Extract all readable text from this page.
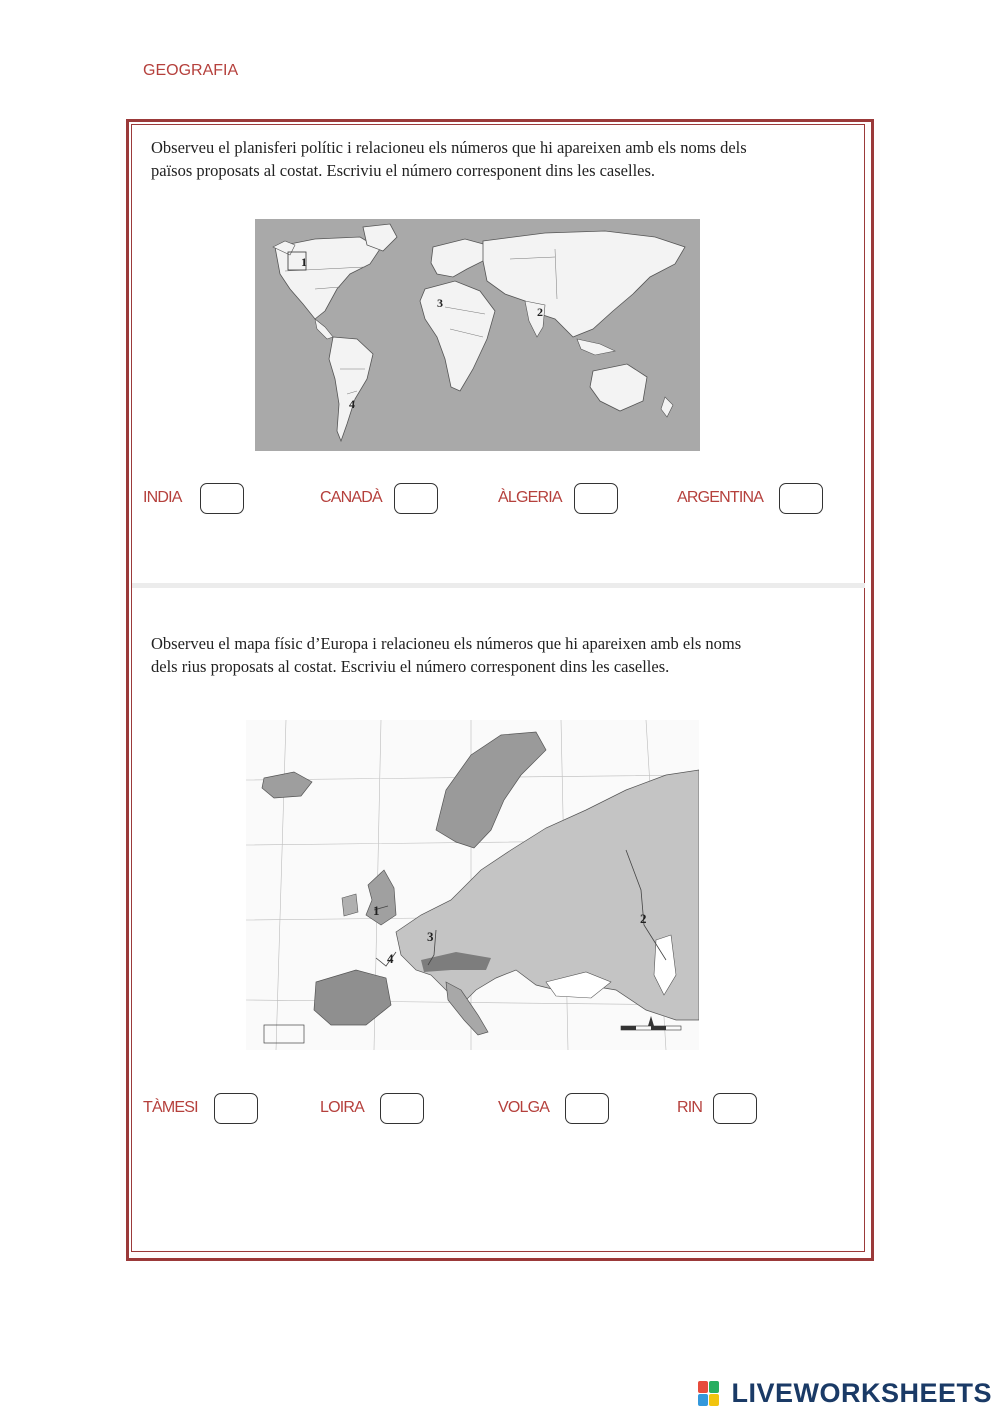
GEOGRAFIA
Observeu el planisferi polític i relacioneu els números que hi apareixen amb els noms dels
països proposats al costat. Escriviu el número corresponent dins les caselles.
1
2
3
4
INDIA	CANADÀ	ÀLGERIA	ARGENTINA
Observeu el mapa físic d’Europa i relacioneu els números que hi apareixen amb els noms
dels rius proposats al costat. Escriviu el número corresponent dins les caselles.
1
2
3
4
TÀMESI	LOIRA	VOLGA	RIN
LIVEWORKSHEETS
